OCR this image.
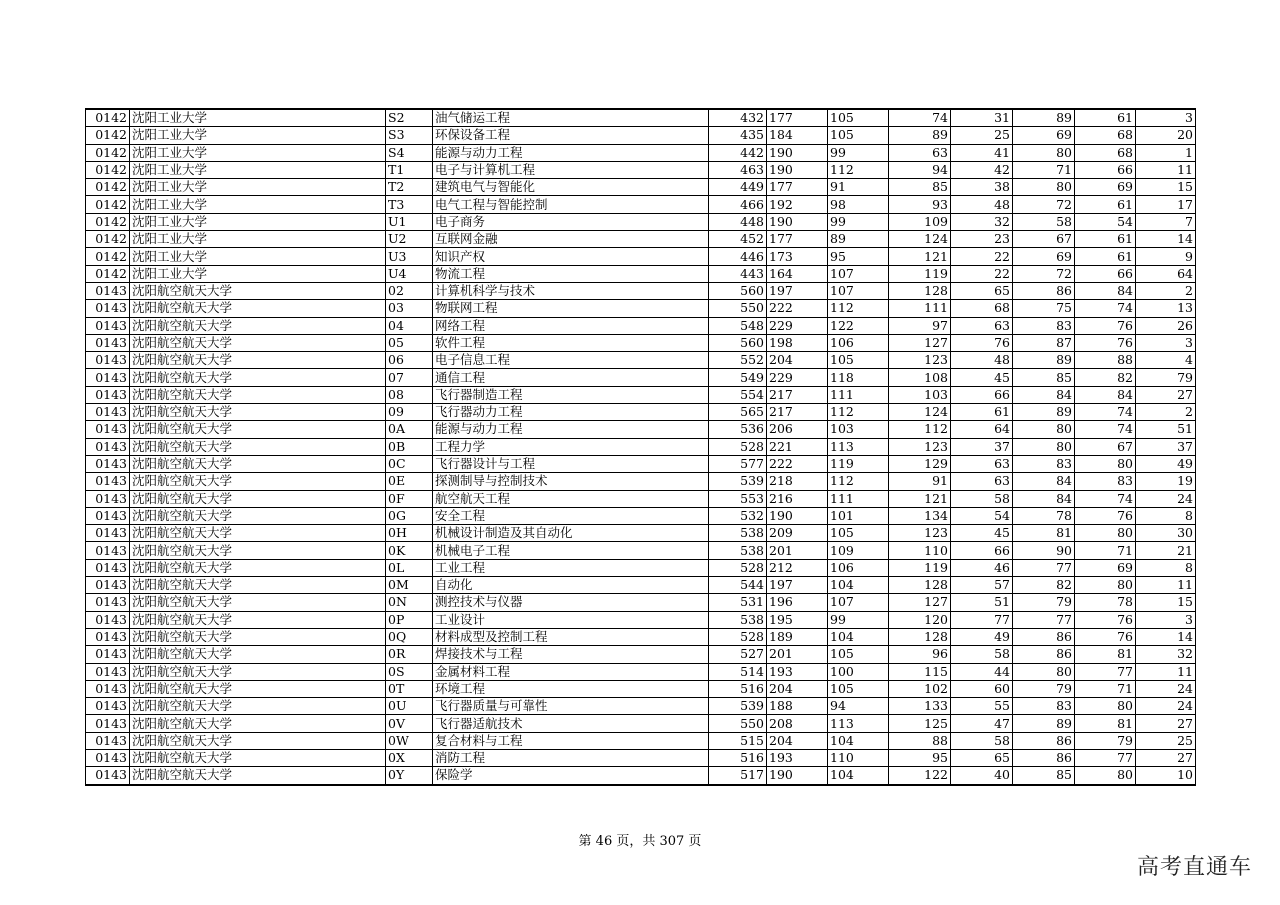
0142	沈阳工业大学	S2	油气储运工程	432	177	105	74	31	89	61	3
0142	沈阳工业大学	S3	环保设备工程	435	184	105	89	25	69	68	20
0142	沈阳工业大学	S4	能源与动力工程	442	190	99	63	41	80	68	1
0142	沈阳工业大学	T1	电子与计算机工程	463	190	112	94	42	71	66	11
0142	沈阳工业大学	T2	建筑电气与智能化	449	177	91	85	38	80	69	15
0142	沈阳工业大学	T3	电气工程与智能控制	466	192	98	93	48	72	61	17
0142	沈阳工业大学	U1	电子商务	448	190	99	109	32	58	54	7
0142	沈阳工业大学	U2	互联网金融	452	177	89	124	23	67	61	14
0142	沈阳工业大学	U3	知识产权	446	173	95	121	22	69	61	9
0142	沈阳工业大学	U4	物流工程	443	164	107	119	22	72	66	64
0143	沈阳航空航天大学	02	计算机科学与技术	560	197	107	128	65	86	84	2
0143	沈阳航空航天大学	03	物联网工程	550	222	112	111	68	75	74	13
0143	沈阳航空航天大学	04	网络工程	548	229	122	97	63	83	76	26
0143	沈阳航空航天大学	05	软件工程	560	198	106	127	76	87	76	3
0143	沈阳航空航天大学	06	电子信息工程	552	204	105	123	48	89	88	4
0143	沈阳航空航天大学	07	通信工程	549	229	118	108	45	85	82	79
0143	沈阳航空航天大学	08	飞行器制造工程	554	217	111	103	66	84	84	27
0143	沈阳航空航天大学	09	飞行器动力工程	565	217	112	124	61	89	74	2
0143	沈阳航空航天大学	0A	能源与动力工程	536	206	103	112	64	80	74	51
0143	沈阳航空航天大学	0B	工程力学	528	221	113	123	37	80	67	37
0143	沈阳航空航天大学	0C	飞行器设计与工程	577	222	119	129	63	83	80	49
0143	沈阳航空航天大学	0E	探测制导与控制技术	539	218	112	91	63	84	83	19
0143	沈阳航空航天大学	0F	航空航天工程	553	216	111	121	58	84	74	24
0143	沈阳航空航天大学	0G	安全工程	532	190	101	134	54	78	76	8
0143	沈阳航空航天大学	0H	机械设计制造及其自动化	538	209	105	123	45	81	80	30
0143	沈阳航空航天大学	0K	机械电子工程	538	201	109	110	66	90	71	21
0143	沈阳航空航天大学	0L	工业工程	528	212	106	119	46	77	69	8
0143	沈阳航空航天大学	0M	自动化	544	197	104	128	57	82	80	11
0143	沈阳航空航天大学	0N	测控技术与仪器	531	196	107	127	51	79	78	15
0143	沈阳航空航天大学	0P	工业设计	538	195	99	120	77	77	76	3
0143	沈阳航空航天大学	0Q	材料成型及控制工程	528	189	104	128	49	86	76	14
0143	沈阳航空航天大学	0R	焊接技术与工程	527	201	105	96	58	86	81	32
0143	沈阳航空航天大学	0S	金属材料工程	514	193	100	115	44	80	77	11
0143	沈阳航空航天大学	0T	环境工程	516	204	105	102	60	79	71	24
0143	沈阳航空航天大学	0U	飞行器质量与可靠性	539	188	94	133	55	83	80	24
0143	沈阳航空航天大学	0V	飞行器适航技术	550	208	113	125	47	89	81	27
0143	沈阳航空航天大学	0W	复合材料与工程	515	204	104	88	58	86	79	25
0143	沈阳航空航天大学	0X	消防工程	516	193	110	95	65	86	77	27
0143	沈阳航空航天大学	0Y	保险学	517	190	104	122	40	85	80	10
第 46 页，共 307 页
高考直通车
